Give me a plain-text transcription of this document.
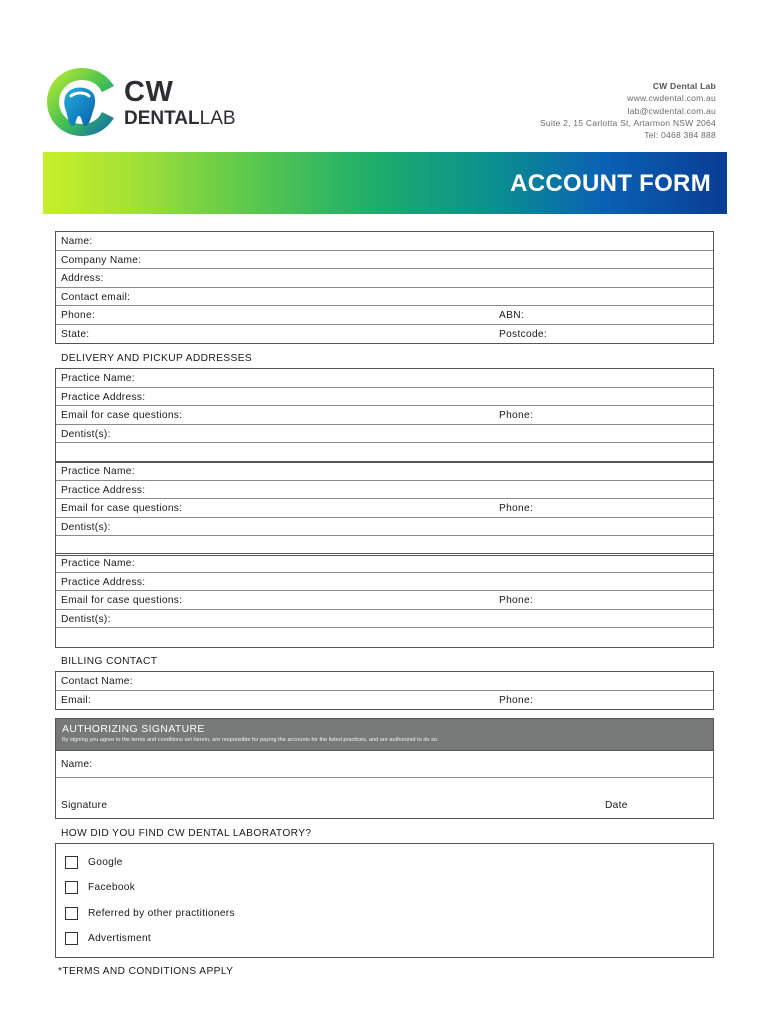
CW
DENTALLAB
CW Dental Lab
www.cwdental.com.au
lab@cwdental.com.au
Suite 2, 15 Carlotta St, Artarmon NSW 2064
Tel: 0468 384 888
ACCOUNT FORM
Name:
Company Name:
Address:
Contact email:
Phone:	ABN:
State:	Postcode:
DELIVERY AND PICKUP ADDRESSES
Practice Name:
Practice Address:
Email for case questions:	Phone:
Dentist(s):
Practice Name:
Practice Address:
Email for case questions:	Phone:
Dentist(s):
Practice Name:
Practice Address:
Email for case questions:	Phone:
Dentist(s):
BILLING CONTACT
Contact Name:
Email:	Phone:
AUTHORIZING SIGNATURE
By signing you agree to the terms and conditions set herein, are responsible for paying the accounts for the listed practices, and are authorized to do so.
Name:
Signature	Date
HOW DID YOU FIND CW DENTAL LABORATORY?
Google
Facebook
Referred by other practitioners
Advertisment
*TERMS AND CONDITIONS APPLY
